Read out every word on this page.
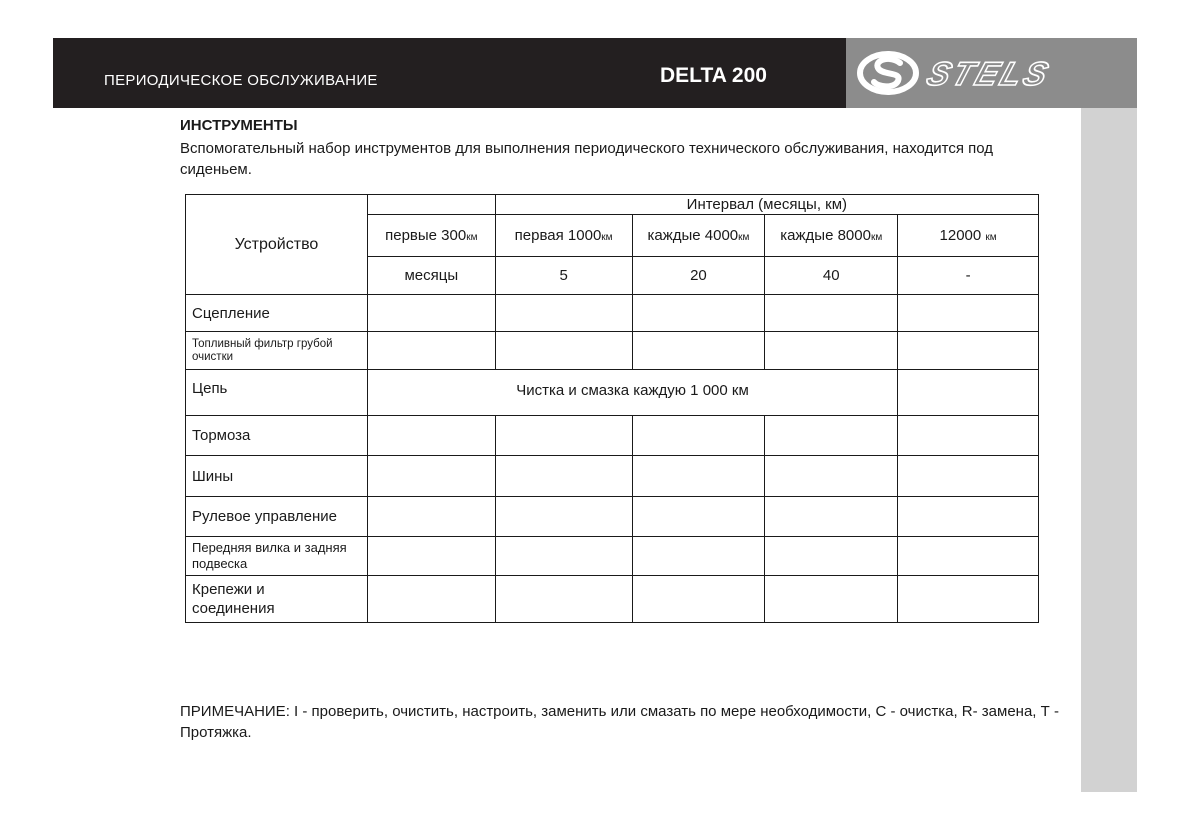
ПЕРИОДИЧЕСКОЕ ОБСЛУЖИВАНИЕ	DELTA 200	STELS
ИНСТРУМЕНТЫ
Вспомогательный набор инструментов для выполнения периодического технического обслуживания, находится под сиденьем.
Устройство		Интервал (месяцы, км)			
	первые 300км	первая 1000км	каждые 4000км	каждые 8000км	12000 км
	месяцы	5	20	40	-
Сцепление					
Топливный фильтр грубой очистки					
Цепь	Чистка и смазка каждую 1 000 км				
Тормоза					
Шины					
Рулевое управление					
Передняя вилка и задняя подвеска					
Крепежи и соединения					
ПРИМЕЧАНИЕ: I - проверить, очистить, настроить, заменить или смазать по мере необходимости, С - очистка, R- замена, Т - Протяжка.
